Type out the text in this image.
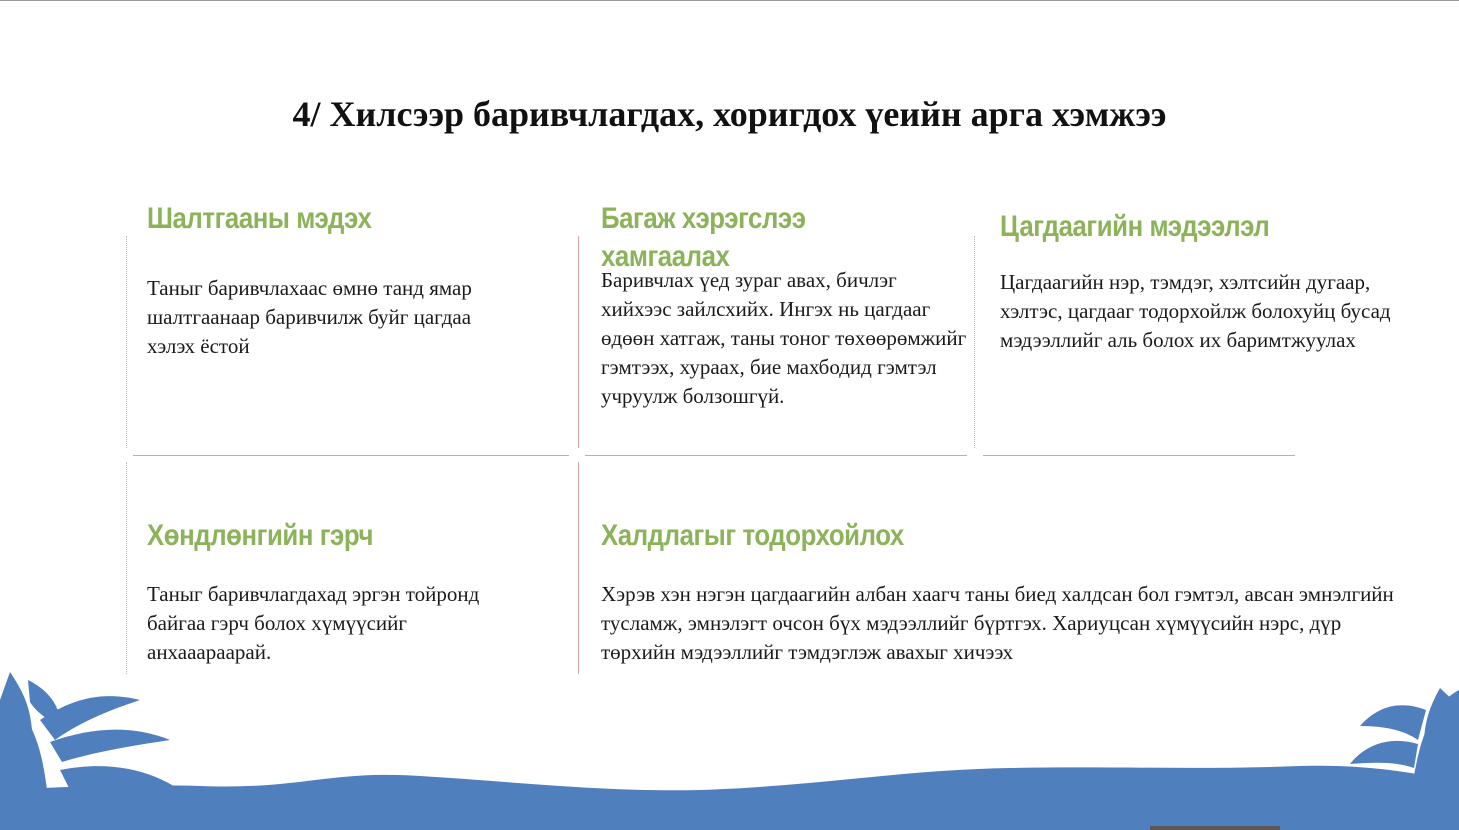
4/ Хилсээр баривчлагдах, хоригдох үеийн арга хэмжээ
Шалтгааны мэдэх
Таныг баривчлахаас өмнө танд ямар шалтгаанаар баривчилж буйг цагдаа хэлэх ёстой
Багаж хэрэгслээ хамгаалах
Баривчлах үед зураг авах, бичлэг хийхээс зайлсхийх. Ингэх нь цагдааг өдөөн хатгаж, таны тоног төхөөрөмжийг гэмтээх, хураах, бие махбодид гэмтэл учруулж болзошгүй.
Цагдаагийн мэдээлэл
Цагдаагийн нэр, тэмдэг, хэлтсийн дугаар, хэлтэс, цагдааг тодорхойлж болохуйц бусад мэдээллийг аль болох их баримтжуулах
Хөндлөнгийн гэрч
Таныг баривчлагдахад эргэн тойронд байгаа гэрч болох хүмүүсийг анхааараарай.
Халдлагыг тодорхойлох
Хэрэв хэн нэгэн цагдаагийн албан хаагч таны биед халдсан бол гэмтэл, авсан эмнэлгийн тусламж, эмнэлэгт очсон бүх мэдээллийг бүртгэх. Хариуцсан хүмүүсийн нэрс, дүр төрхийн мэдээллийг тэмдэглэж авахыг хичээх
